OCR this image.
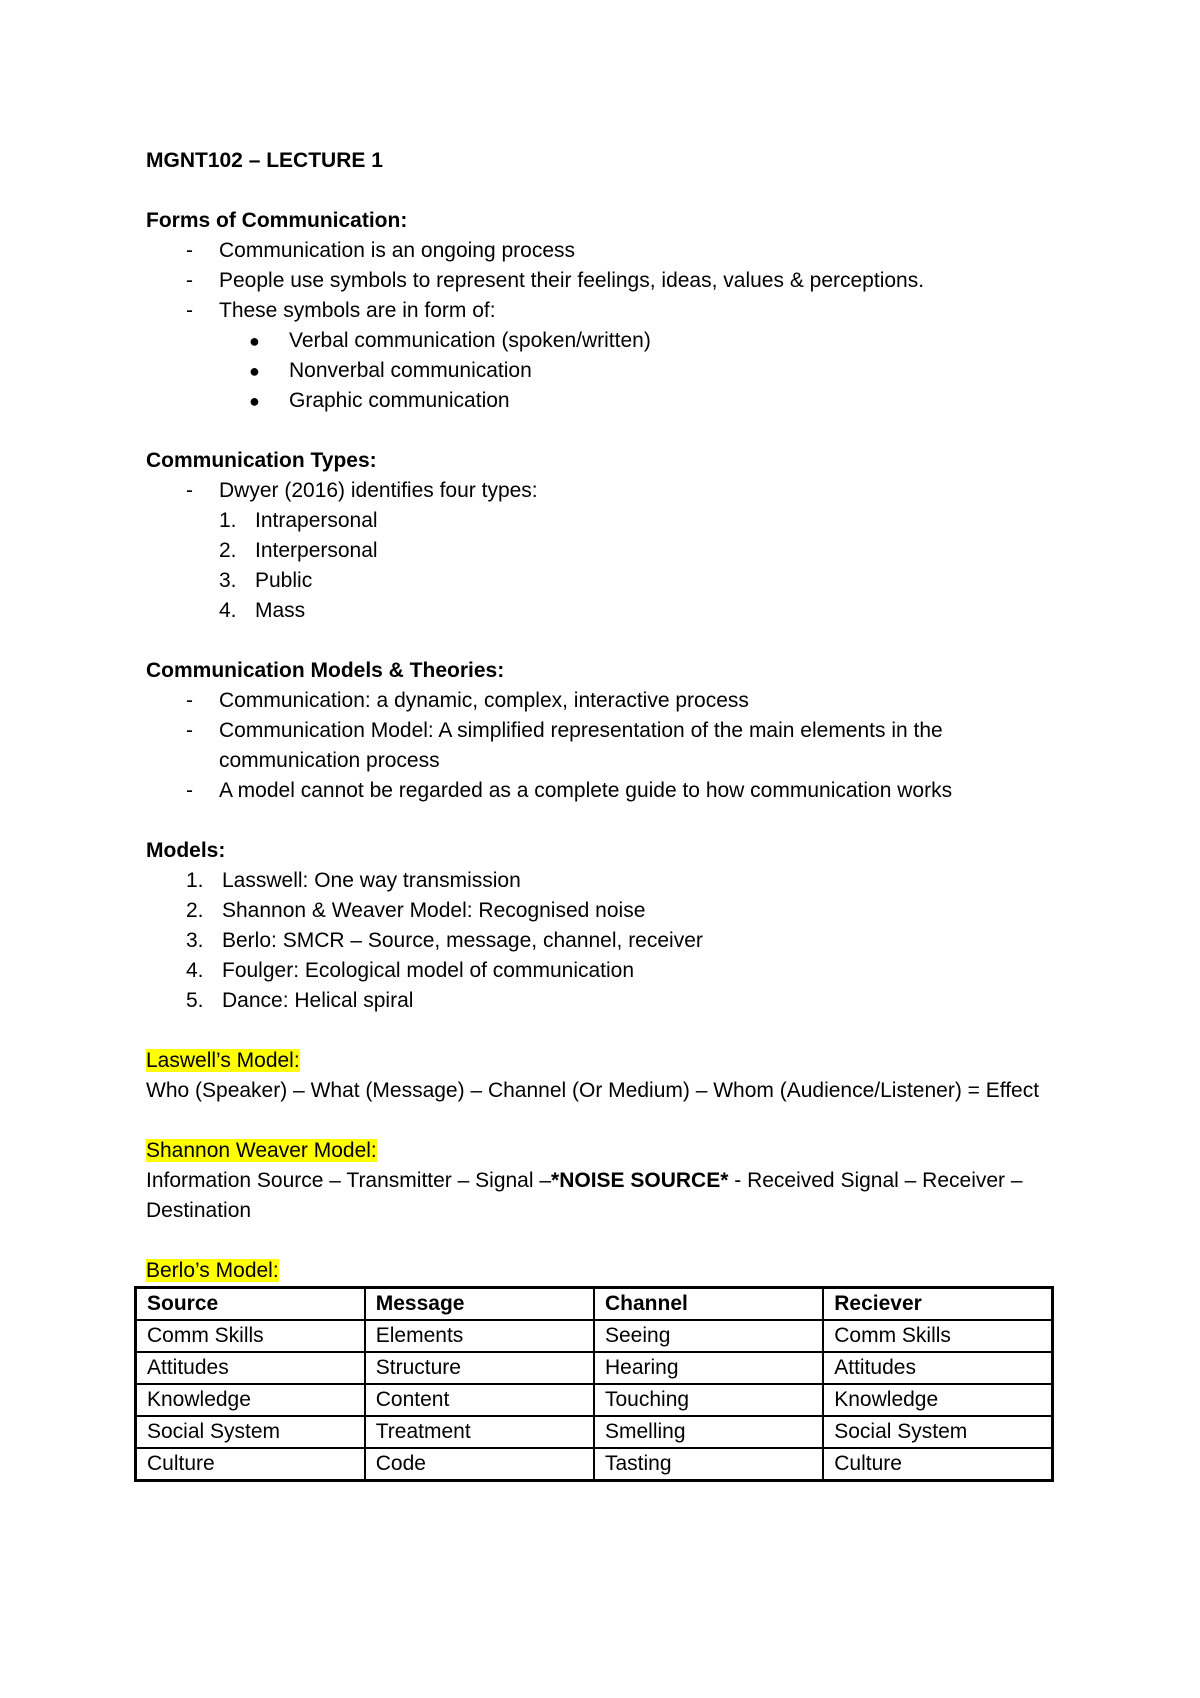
MGNT102 – LECTURE 1

Forms of Communication:

-	Communication is an ongoing process
-	People use symbols to represent their feelings, ideas, values & perceptions.
-	These symbols are in form of:
●	Verbal communication (spoken/written)
●	Nonverbal communication
●	Graphic communication

Communication Types:

-	Dwyer (2016) identifies four types:
1. Intrapersonal
2. Interpersonal
3. Public
4. Mass

Communication Models & Theories:

-	Communication: a dynamic, complex, interactive process
-	Communication Model: A simplified representation of the main elements in the communication process
-	A model cannot be regarded as a complete guide to how communication works

Models:

1. Lasswell: One way transmission
2. Shannon & Weaver Model: Recognised noise
3. Berlo: SMCR – Source, message, channel, receiver
4. Foulger: Ecological model of communication
5. Dance: Helical spiral

Laswell’s Model:

Who (Speaker) – What (Message) – Channel (Or Medium) – Whom (Audience/Listener) = Effect

Shannon Weaver Model:

Information Source – Transmitter – Signal –*NOISE SOURCE* - Received Signal – Receiver – Destination

Berlo’s Model:

Source	Message	Channel	Reciever
Comm Skills	Elements	Seeing	Comm Skills
Attitudes	Structure	Hearing	Attitudes
Knowledge	Content	Touching	Knowledge
Social System	Treatment	Smelling	Social System
Culture	Code	Tasting	Culture
